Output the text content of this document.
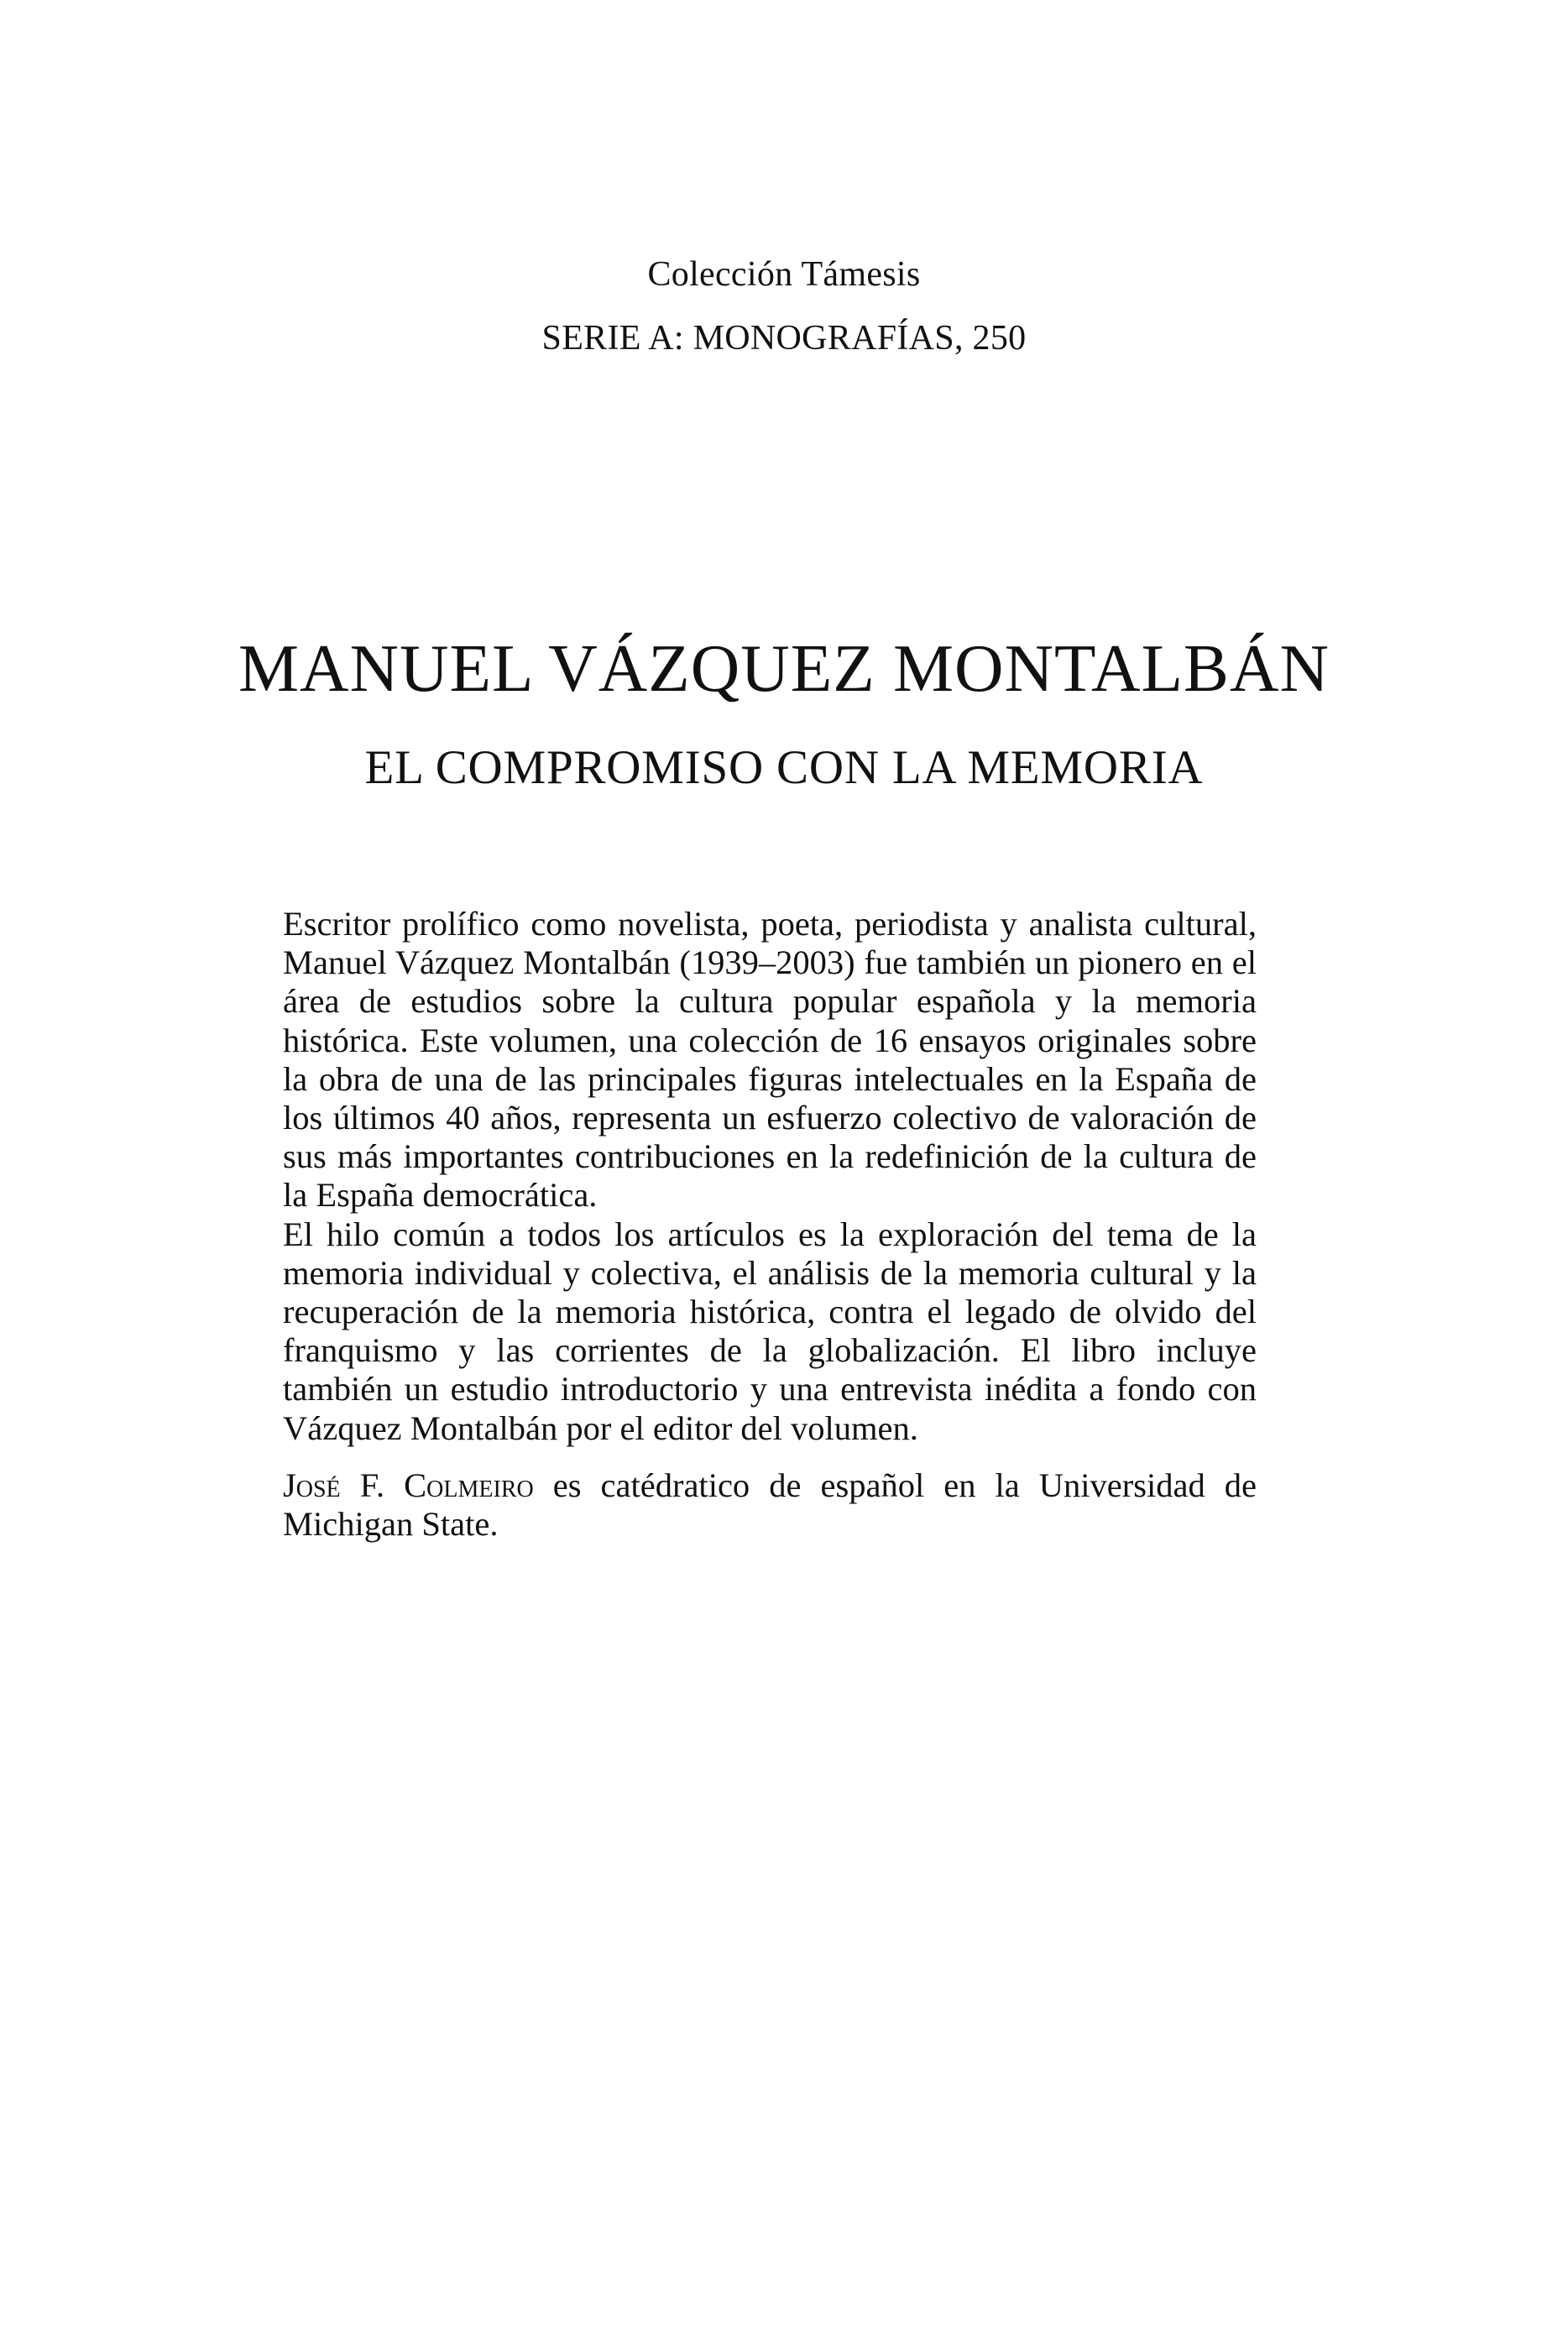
Colección Támesis
SERIE A: MONOGRAFÍAS, 250
MANUEL VÁZQUEZ MONTALBÁN
EL COMPROMISO CON LA MEMORIA

Escritor prolífico como novelista, poeta, periodista y analista cultural, Manuel Vázquez Montalbán (1939–2003) fue también un pionero en el área de estudios sobre la cultura popular española y la memoria histórica. Este volumen, una colección de 16 ensayos originales sobre la obra de una de las principales figuras intelectuales en la España de los últimos 40 años, representa un esfuerzo colectivo de valoración de sus más importantes contribuciones en la redefinición de la cultura de la España democrática.

El hilo común a todos los artículos es la exploración del tema de la memoria individual y colectiva, el análisis de la memoria cultural y la recuperación de la memoria histórica, contra el legado de olvido del franquismo y las corrientes de la globalización. El libro incluye también un estudio introductorio y una entrevista inédita a fondo con Vázquez Montalbán por el editor del volumen.

José F. Colmeiro es catédratico de español en la Universidad de Michigan State.
